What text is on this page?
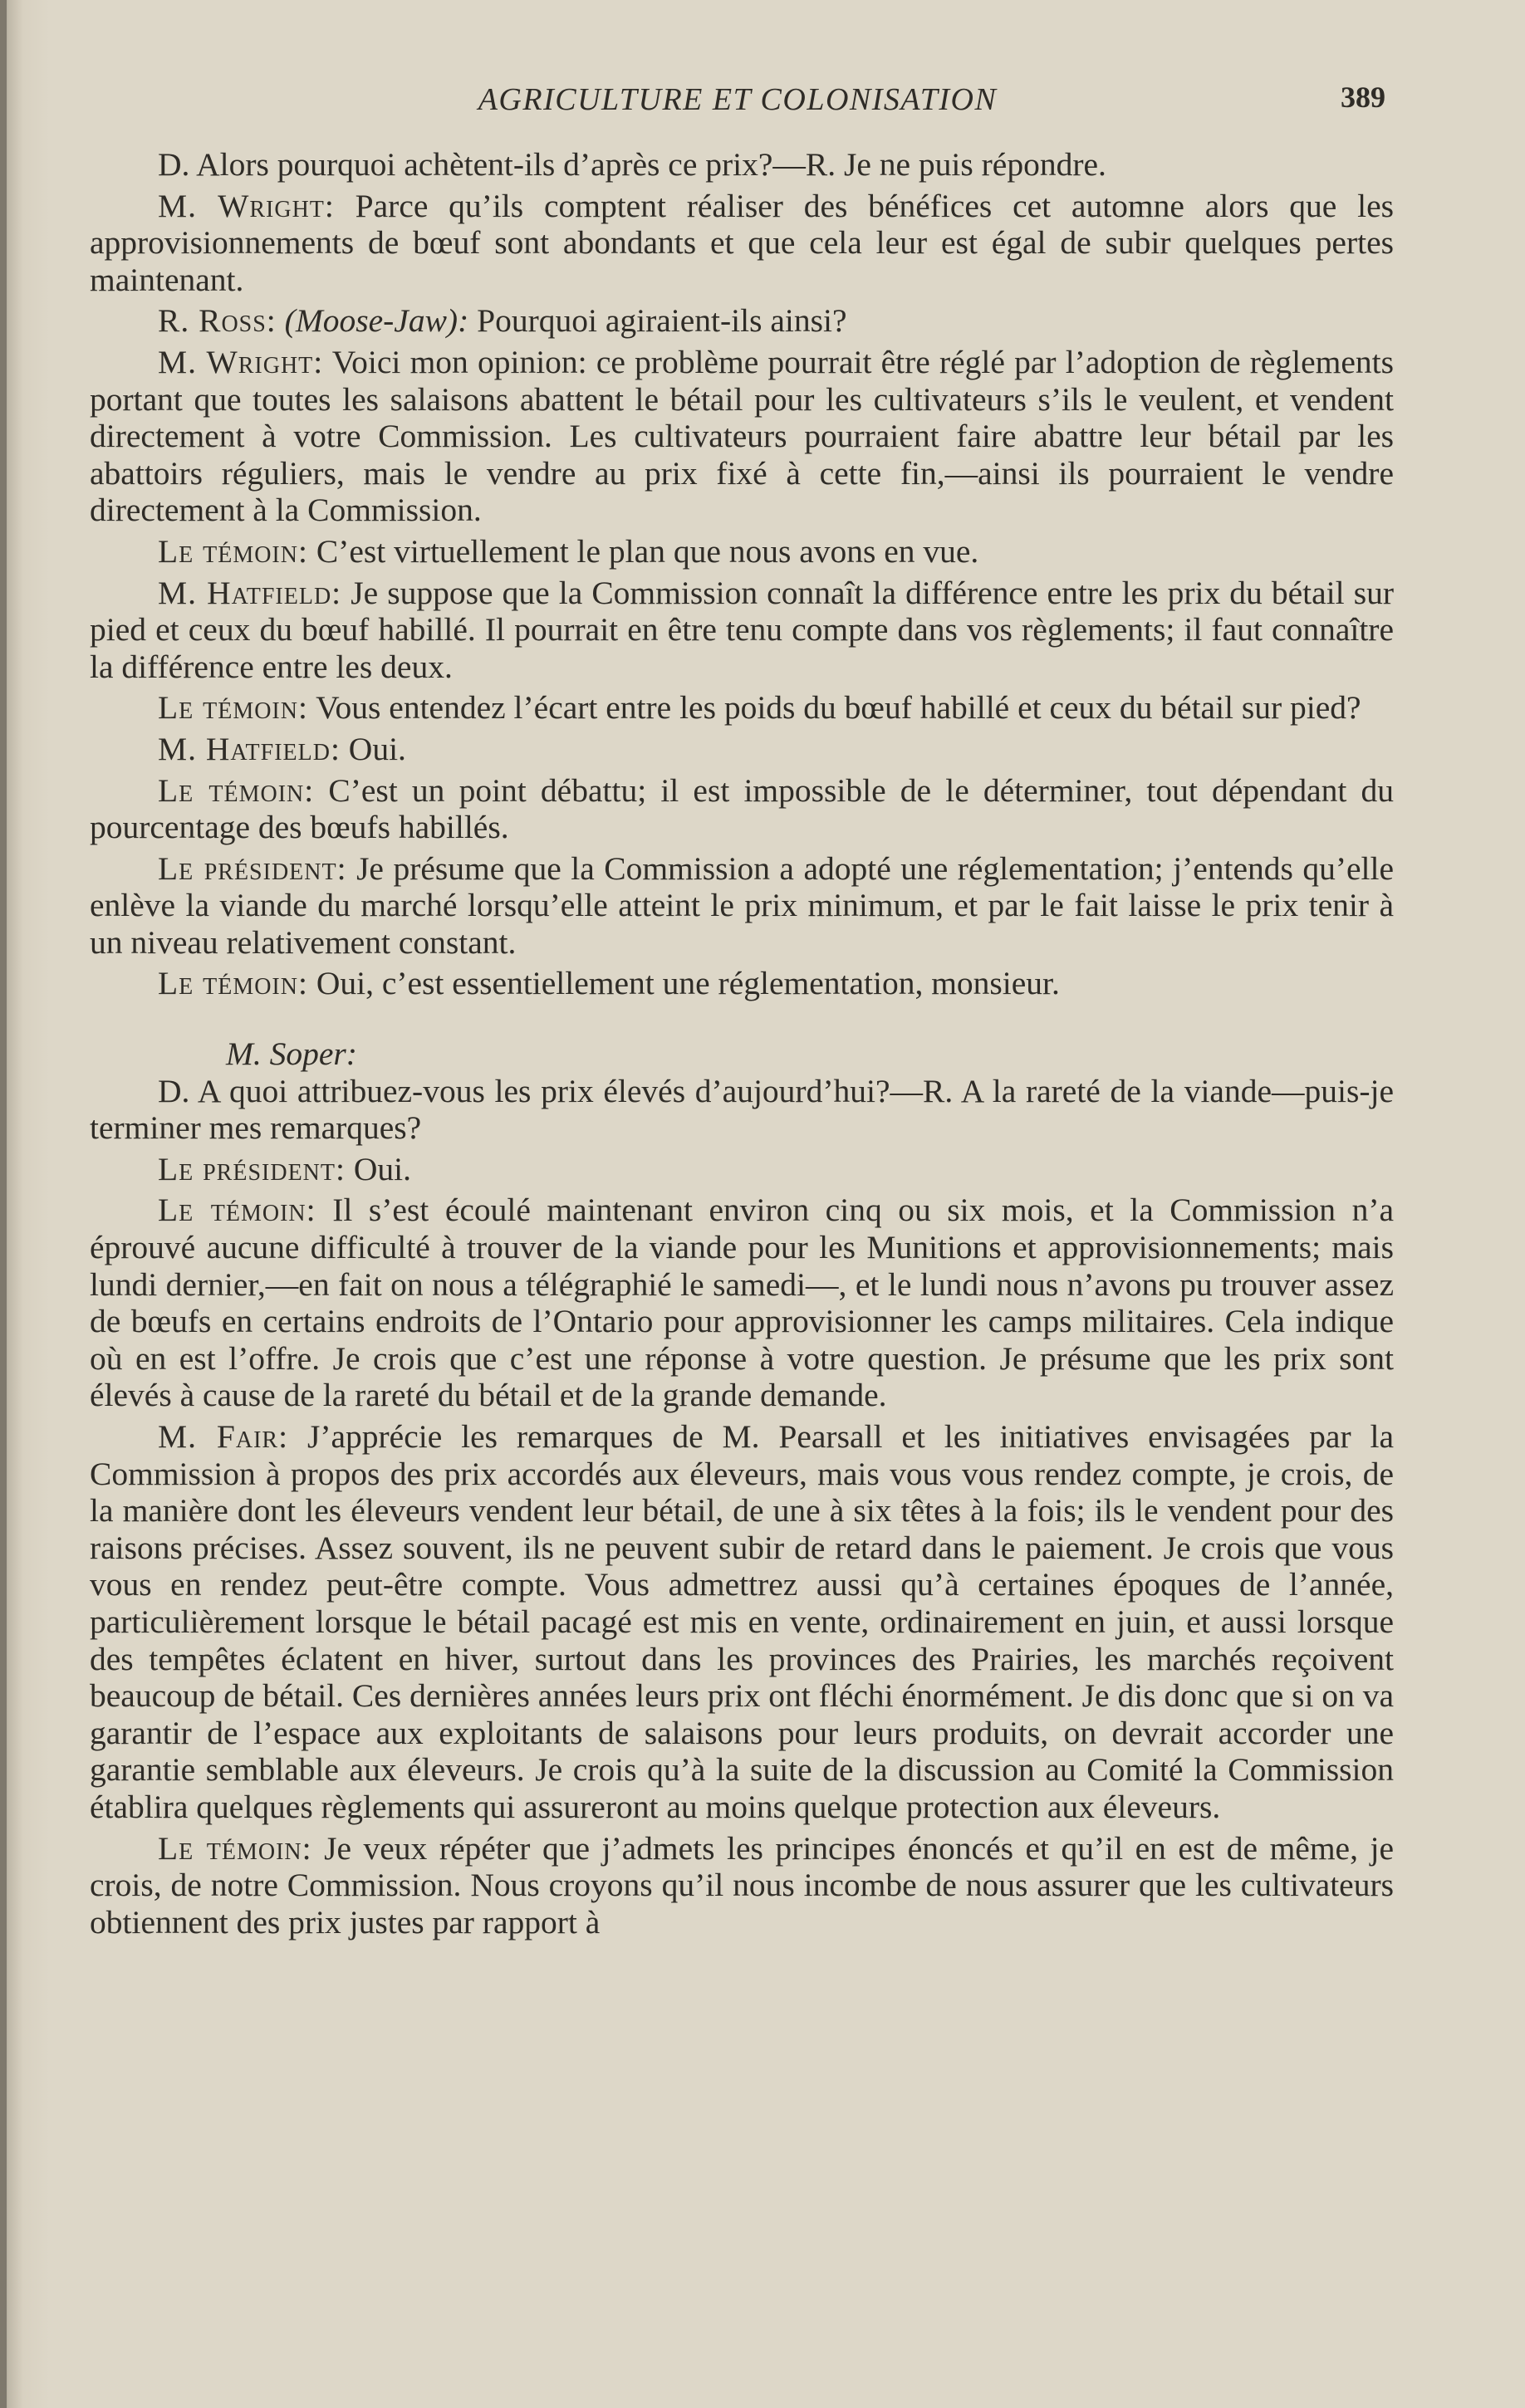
AGRICULTURE ET COLONISATION	389

D. Alors pourquoi achètent-ils d’après ce prix?—R. Je ne puis répondre.

M. Wright: Parce qu’ils comptent réaliser des bénéfices cet automne alors que les approvisionnements de bœuf sont abondants et que cela leur est égal de subir quelques pertes maintenant.

R. Ross: (Moose-Jaw): Pourquoi agiraient-ils ainsi?

M. Wright: Voici mon opinion: ce problème pourrait être réglé par l’adoption de règlements portant que toutes les salaisons abattent le bétail pour les cultivateurs s’ils le veulent, et vendent directement à votre Commission. Les cultivateurs pourraient faire abattre leur bétail par les abattoirs réguliers, mais le vendre au prix fixé à cette fin,—ainsi ils pourraient le vendre directement à la Commission.

Le témoin: C’est virtuellement le plan que nous avons en vue.

M. Hatfield: Je suppose que la Commission connaît la différence entre les prix du bétail sur pied et ceux du bœuf habillé. Il pourrait en être tenu compte dans vos règlements; il faut connaître la différence entre les deux.

Le témoin: Vous entendez l’écart entre les poids du bœuf habillé et ceux du bétail sur pied?

M. Hatfield: Oui.

Le témoin: C’est un point débattu; il est impossible de le déterminer, tout dépendant du pourcentage des bœufs habillés.

Le président: Je présume que la Commission a adopté une réglementation; j’entends qu’elle enlève la viande du marché lorsqu’elle atteint le prix minimum, et par le fait laisse le prix tenir à un niveau relativement constant.

Le témoin: Oui, c’est essentiellement une réglementation, monsieur.

M. Soper:

D. A quoi attribuez-vous les prix élevés d’aujourd’hui?—R. A la rareté de la viande—puis-je terminer mes remarques?

Le président: Oui.

Le témoin: Il s’est écoulé maintenant environ cinq ou six mois, et la Commission n’a éprouvé aucune difficulté à trouver de la viande pour les Munitions et approvisionnements; mais lundi dernier,—en fait on nous a télégraphié le samedi—, et le lundi nous n’avons pu trouver assez de bœufs en certains endroits de l’Ontario pour approvisionner les camps militaires. Cela indique où en est l’offre. Je crois que c’est une réponse à votre question. Je présume que les prix sont élevés à cause de la rareté du bétail et de la grande demande.

M. Fair: J’apprécie les remarques de M. Pearsall et les initiatives envisagées par la Commission à propos des prix accordés aux éleveurs, mais vous vous rendez compte, je crois, de la manière dont les éleveurs vendent leur bétail, de une à six têtes à la fois; ils le vendent pour des raisons précises. Assez souvent, ils ne peuvent subir de retard dans le paiement. Je crois que vous vous en rendez peut-être compte. Vous admettrez aussi qu’à certaines époques de l’année, particulièrement lorsque le bétail pacagé est mis en vente, ordinairement en juin, et aussi lorsque des tempêtes éclatent en hiver, surtout dans les provinces des Prairies, les marchés reçoivent beaucoup de bétail. Ces dernières années leurs prix ont fléchi énormément. Je dis donc que si on va garantir de l’espace aux exploitants de salaisons pour leurs produits, on devrait accorder une garantie semblable aux éleveurs. Je crois qu’à la suite de la discussion au Comité la Commission établira quelques règlements qui assureront au moins quelque protection aux éleveurs.

Le témoin: Je veux répéter que j’admets les principes énoncés et qu’il en est de même, je crois, de notre Commission. Nous croyons qu’il nous incombe de nous assurer que les cultivateurs obtiennent des prix justes par rapport à
